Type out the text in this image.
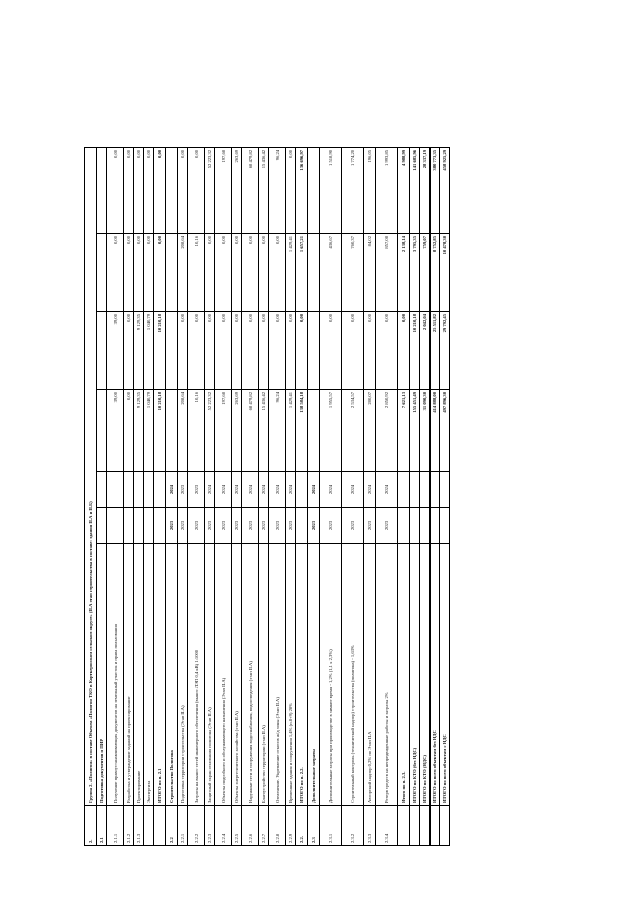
2.	Группа 2. «Полигон» в составе Объекта «Полигон ТКО в Корткеросском сельском округе» (II.А этап строительства в составе: здания II.А и II.Б)						
2.1	Подготовка документов и ПИР						
2.1.1	Получение правоустанавливающих документов на земельный участок и права пользования			39,00	39,00	0,00	0,00
2.1.2	Разработка и утверждение заданий на проектирование			0,00	0,00	0,00	0,00
2.1.3	Проектирование			9 129,35	9 129,35	0,00	0,00
	Экспертиза			1 040,79	1 040,79	0,00	0,00
	ИТОГО по п. 2.1			10 210,18	10 210,18	0,00	0,00
2.2	Строительство Полигона	2023	2024				
2.2.1	Подготовка территории строительства (Этап II.А)	2023	2023	208,64	0,00	208,64	0,00
2.2.2	Затраты на вынос сетей инженерного обеспечения (вынос ЛЭП 0,4 кВ) 1:1000	2023	2023	10,16	0,00	10,16	0,00
2.2.3	Защитный экран основания полигона (Этап II.А)	2023	2024	52 223,32	0,00	0,00	52 223,32
2.2.4	Объекты подсобного и обслуживающего назначения (Этап II.А)	2023	2024	197,68	0,00	0,00	197,68
2.2.5	Объекты энергетического хозяйства (этап II.А)	2023	2024	263,69	0,00	0,00	263,69
2.2.6	Наружные сети и сооружения водоснабжения, водоотведения (этап II.А)	2023	2024	68 479,82	0,00	0,00	68 479,82
2.2.7	Благоустройство территории (этап II.А)	2023	2024	15 436,42	0,00	0,00	15 436,42
2.2.8	Озеленение. Укрепление откосов ж/д зоны (Этап II.А)	2023	2024	96,24	0,00	0,00	96,24
2.2.9	Временные здания и сооружения 1,4% (п.8+9) 28%	2023	2024	1 429,41	0,00	1 429,41	0,00
2.2.	ИТОГО по п. 2.2.			138 584,18	0,00	1 657,21	136 696,97
2.3	Дополнительные затраты	2023	2024				
2.3.1	Дополнительные затраты при производстве в зимнее время - 1,2% (1,1 х 2,3%)	2023	2024	1 955,57	0,00	436,67	1 518,90
2.3.2	Строительный контроль (технический надзор) строительства (полигона) - 1,63%	2023	2024	2 534,57	0,00	760,37	1 774,20
2.3.3	Авторский надзор 0,2% по Этап II.А	2023	2024	280,07	0,00	84,02	196,05
2.3.4	Резерв средств на непредвиденные работы и затраты 2%	2023	2024	2 850,92	0,00	857,08	1 993,85
	Итого по п. 2.3.			7 621,13	0,00	2 138,14	4 988,99
	ИТОГО по КТО (без НДС)			155 451,49	10 210,18	3 795,35	141 685,96
	ИТОГО по КТО (НДС)			31 090,30	2 042,04	759,07	28 337,19
	ИТОГО по всем объектам без НДС			414 888,00	25 511,82	8 752,85	380 773,35
	ИТОГО по всем объектам с НДС			497 896,30	29 792,45	10 478,30	458 925,29
